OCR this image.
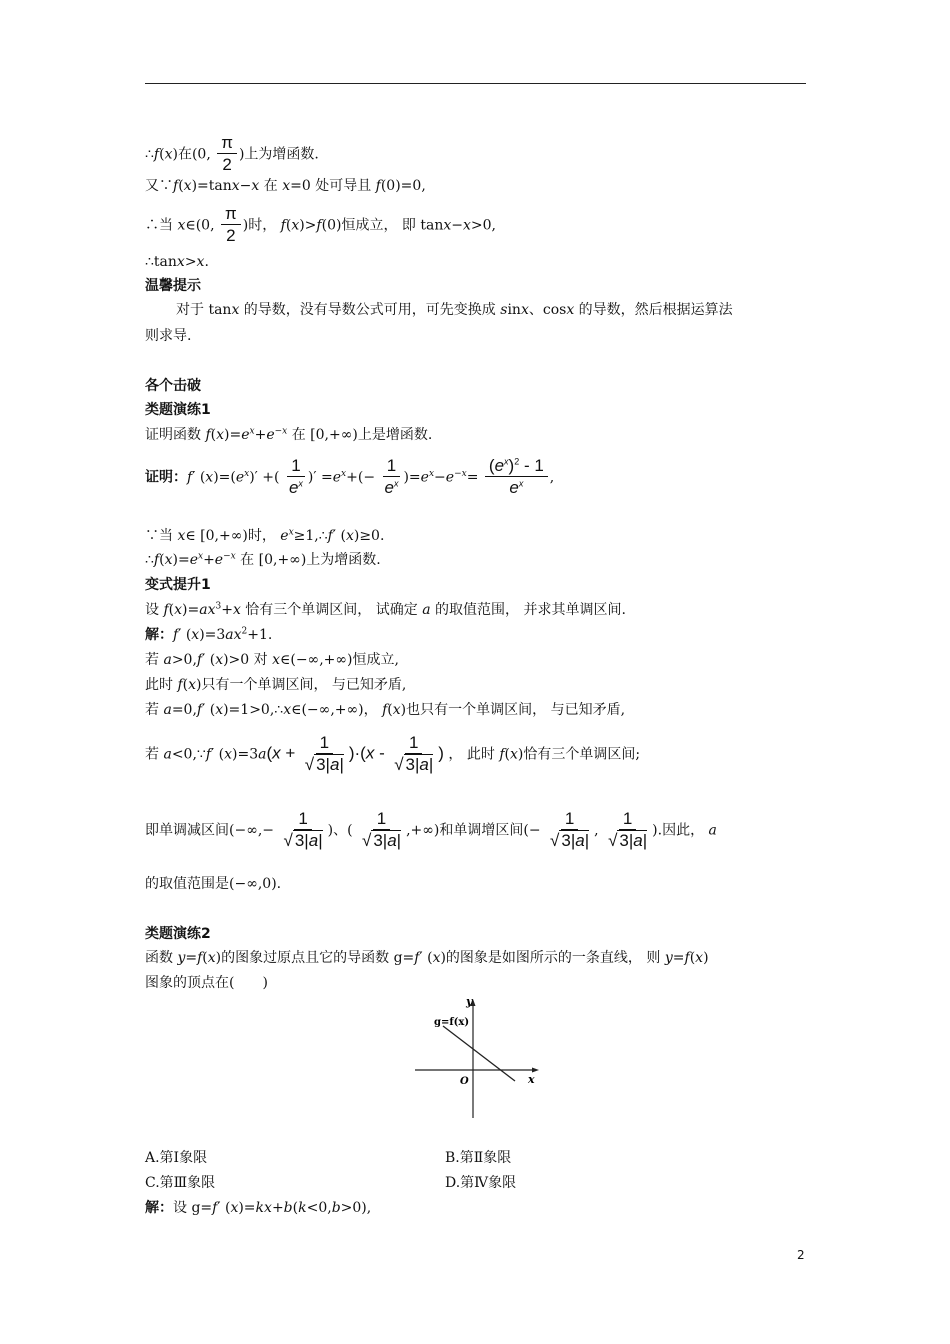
∴f(x)在(0, $\frac{\pi}{2}$ )上为增函数.
又∵f(x)=tanx−x 在 x=0 处可导且 f(0)=0,
∴当 x∈(0, $\frac{\pi}{2}$ )时， f(x)>f(0)恒成立， 即 tanx−x>0,
∴tanx>x.
温馨提示
对于 tanx 的导数，没有导数公式可用，可先变换成 sinx、cosx 的导数，然后根据运算法
则求导.
各个击破
类题演练1
证明函数 $f(x)=e^x+e^{-x}$ 在 [0,+∞)上是增函数.
证明：f′ $(x)=(e^x)'$ +( $\frac{1}{e^x}$ )′ $=e^x+(- \frac{1}{e^x} )=e^x-e^{-x}= \frac{(e^x)^2 - 1}{e^x}$ ,
∵当 x∈ [0,+∞)时， $e^x\ge 1,\therefore f'$ (x)≥0.
$\therefore f(x)=e^x+e^{-x}$ 在 [0,+∞)上为增函数.
变式提升1
设 $f(x)=ax^3+x$ 恰有三个单调区间， 试确定 a 的取值范围， 并求其单调区间.
解：f′ $(x)=3ax^2+1$.
若 a>0,f′ (x)>0 对 x∈(−∞,+∞)恒成立,
此时 f(x)只有一个单调区间， 与已知矛盾,
若 a=0,f′ (x)=1>0,∴x∈(−∞,+∞)， f(x)也只有一个单调区间， 与已知矛盾,
若 a<0,∵f′ $(x)=3a(x + \frac{1}{√ 3|a|} )\cdot(x - \frac{1}{√ 3|a|}$ ) ， 此时 f(x)恰有三个单调区间;
即单调减区间(−∞,− $\frac{1}{√ 3|a|}$ )、( $\frac{1}{√ 3|a|}$ ,+∞)和单调增区间(− $\frac{1}{√ 3|a|}$ , $\frac{1}{√ 3|a|}$ ).因此， a
的取值范围是(−∞,0).
类题演练2
函数 y=f(x)的图象过原点且它的导函数 g=f′ (x)的图象是如图所示的一条直线， 则 y=f(x)
图象的顶点在(　　)
y
x
O
g=f(x)
A.第Ⅰ象限	B.第Ⅱ象限
C.第Ⅲ象限	D.第Ⅳ象限
解：设 g=f′ (x)=kx+b(k<0,b>0),
2
